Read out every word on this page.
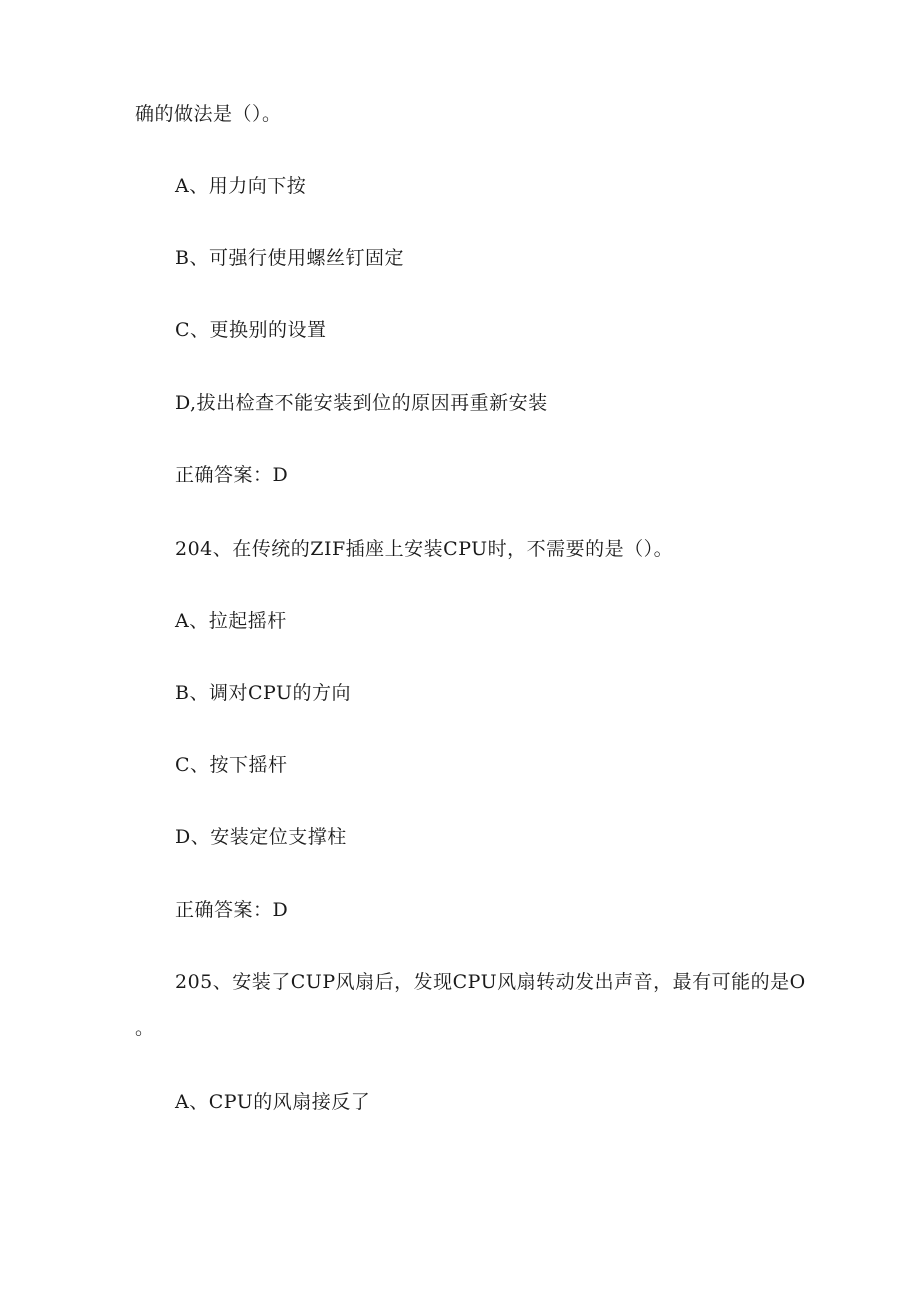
确的做法是（）。
A、用力向下按
B、可强行使用螺丝钉固定
C、更换别的设置
D,拔出检查不能安装到位的原因再重新安装
正确答案：D
204、在传统的ZIF插座上安装CPU时，不需要的是（）。
A、拉起摇杆
B、调对CPU的方向
C、按下摇杆
D、安装定位支撑柱
正确答案：D
205、安装了CUP风扇后，发现CPU风扇转动发出声音，最有可能的是O
。
A、CPU的风扇接反了
